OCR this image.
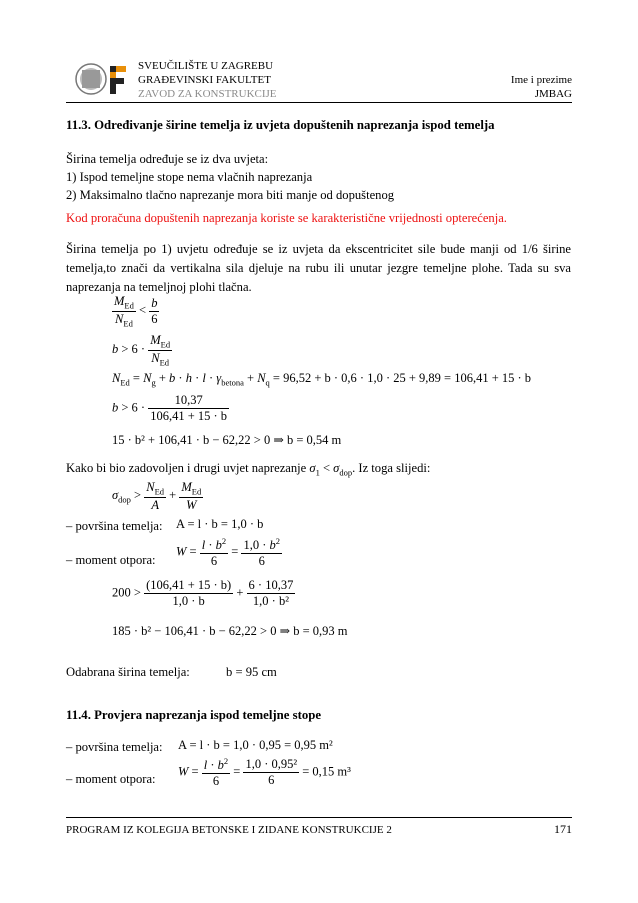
SVEUČILIŠTE U ZAGREBU
GRAĐEVINSKI FAKULTET
ZAVOD ZA KONSTRUKCIJE
Ime i prezime
JMBAG
11.3. Određivanje širine temelja iz uvjeta dopuštenih naprezanja ispod temelja
Širina temelja određuje se iz dva uvjeta:
1) Ispod temeljne stope nema vlačnih naprezanja
2) Maksimalno tlačno naprezanje mora biti manje od dopuštenog
Kod proračuna dopuštenih naprezanja koriste se karakteristične vrijednosti opterećenja.
Širina temelja po 1) uvjetu određuje se iz uvjeta da ekscentricitet sile bude manji od 1/6 širine
temelja,to znači da vertikalna sila djeluje na rubu ili unutar jezgre temeljne plohe. Tada su sva
naprezanja na temeljnoj plohi tlačna.
$\frac{M_{Ed}}{N_{Ed}} < \frac{b}{6}$
$b > 6 \cdot \frac{M_{Ed}}{N_{Ed}}$
$N_{Ed} = N_g + b \cdot h \cdot l \cdot \gamma_{betona} + N_q = 96,52 + b \cdot 0,6 \cdot 1,0 \cdot 25 + 9,89 = 106,41 + 15 \cdot b$
$b > 6 \cdot \frac{10,37}{106,41 + 15 \cdot b}$
15 · b² + 106,41 · b − 62,22 > 0 ⇒ b = 0,54 m
Kako bi bio zadovoljen i drugi uvjet naprezanje $\sigma_1 < \sigma_{dop}$. Iz toga slijedi:
$\sigma_{dop} > \frac{N_{Ed}}{A} + \frac{M_{Ed}}{W}$
– površina temelja: A = l · b = 1,0 · b
– moment otpora:
$W = \frac{l \cdot b^2}{6} = \frac{1,0 \cdot b^2}{6}$
$200 > \frac{(106,41 + 15 \cdot b)}{1,0 \cdot b} + \frac{6 \cdot 10,37}{\text{1,0 · b²}}$
185 · b² − 106,41 · b − 62,22 > 0 ⇒ b = 0,93 m
Odabrana širina temelja:	b = 95 cm
11.4. Provjera naprezanja ispod temeljne stope
– površina temelja: A = l · b = 1,0 · 0,95 = 0,95 m²
– moment otpora:
$W = \frac{l \cdot b^2}{6} = \frac{\text{1,0 · 0,95²}}{6} = 0,15$ m³
PROGRAM IZ KOLEGIJA BETONSKE I ZIDANE KONSTRUKCIJE 2	171
